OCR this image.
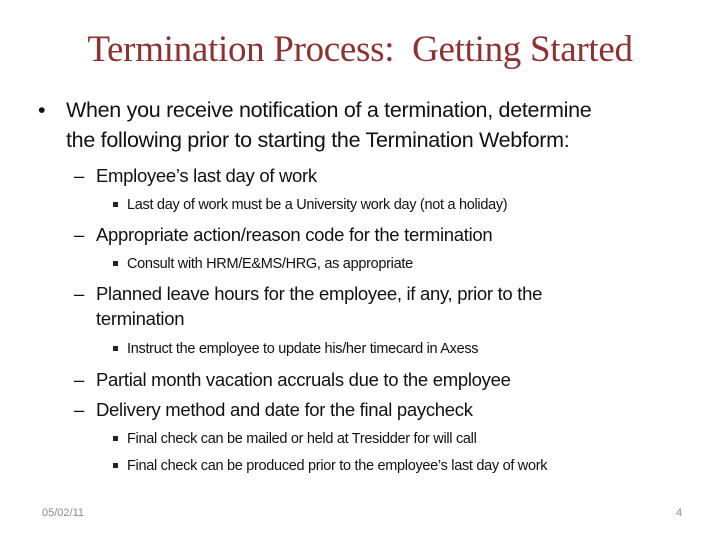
Termination Process:  Getting Started
• When you receive notification of a termination, determine
the following prior to starting the Termination Webform:
– Employee’s last day of work
Last day of work must be a University work day (not a holiday)
– Appropriate action/reason code for the termination
Consult with HRM/E&MS/HRG, as appropriate
– Planned leave hours for the employee, if any, prior to the
termination
Instruct the employee to update his/her timecard in Axess
– Partial month vacation accruals due to the employee
– Delivery method and date for the final paycheck
Final check can be mailed or held at Tresidder for will call
Final check can be produced prior to the employee’s last day of work
05/02/11	4
